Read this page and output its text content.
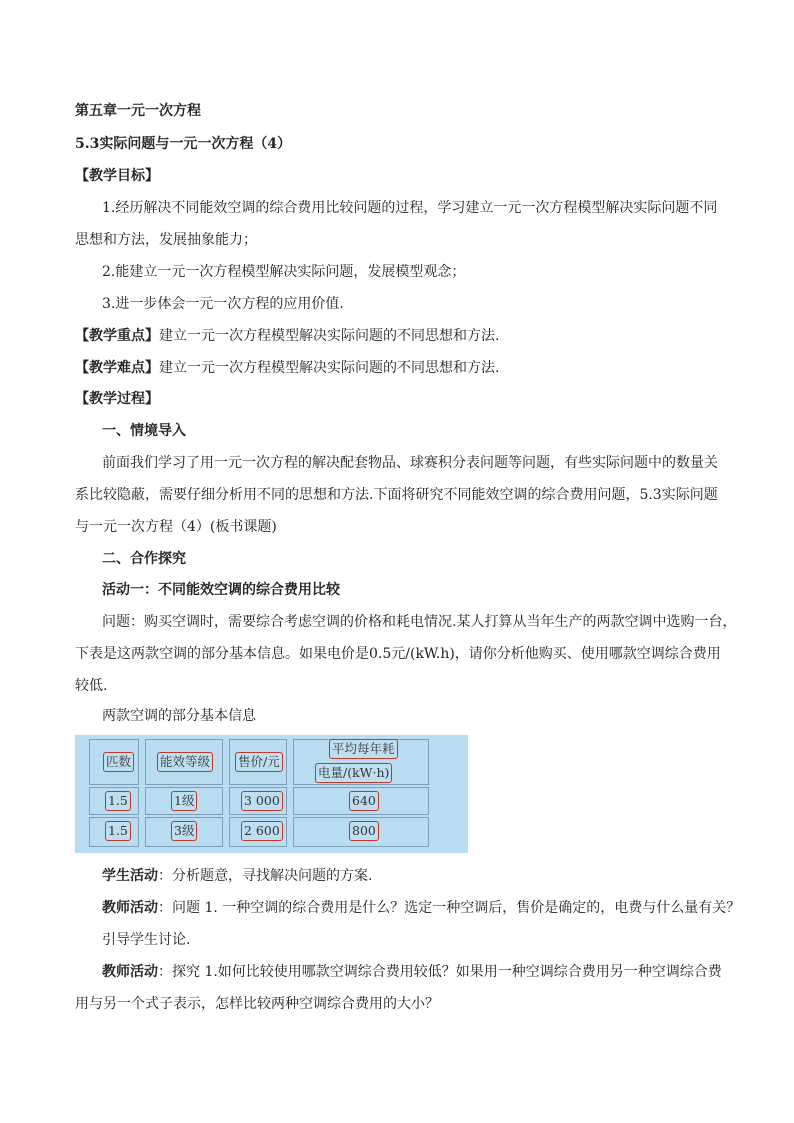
第五章一元一次方程
5.3实际问题与一元一次方程（4）
【教学目标】
1.经历解决不同能效空调的综合费用比较问题的过程，学习建立一元一次方程模型解决实际问题不同
思想和方法，发展抽象能力；
2.能建立一元一次方程模型解决实际问题，发展模型观念；
3.进一步体会一元一次方程的应用价值.
【教学重点】建立一元一次方程模型解决实际问题的不同思想和方法.
【教学难点】建立一元一次方程模型解决实际问题的不同思想和方法.
【教学过程】
一、情境导入
前面我们学习了用一元一次方程的解决配套物品、球赛积分表问题等问题，有些实际问题中的数量关
系比较隐蔽，需要仔细分析用不同的思想和方法.下面将研究不同能效空调的综合费用问题，5.3实际问题
与一元一次方程（4）(板书课题)
二、合作探究
活动一：不同能效空调的综合费用比较
问题：购买空调时，需要综合考虑空调的价格和耗电情况.某人打算从当年生产的两款空调中选购一台，
下表是这两款空调的部分基本信息。如果电价是0.5元/(kW.h)，请你分析他购买、使用哪款空调综合费用
较低.
两款空调的部分基本信息
匹数 能效等级 售价/元
平均每年耗
电量/(kW·h)
1.5	1级	3 000	640
1.5	3级	2 600	800
学生活动：分析题意，寻找解决问题的方案.
教师活动：问题 1. 一种空调的综合费用是什么？选定一种空调后，售价是确定的，电费与什么量有关？
引导学生讨论.
教师活动：探究 1.如何比较使用哪款空调综合费用较低？如果用一种空调综合费用另一种空调综合费
用与另一个式子表示，怎样比较两种空调综合费用的大小？
